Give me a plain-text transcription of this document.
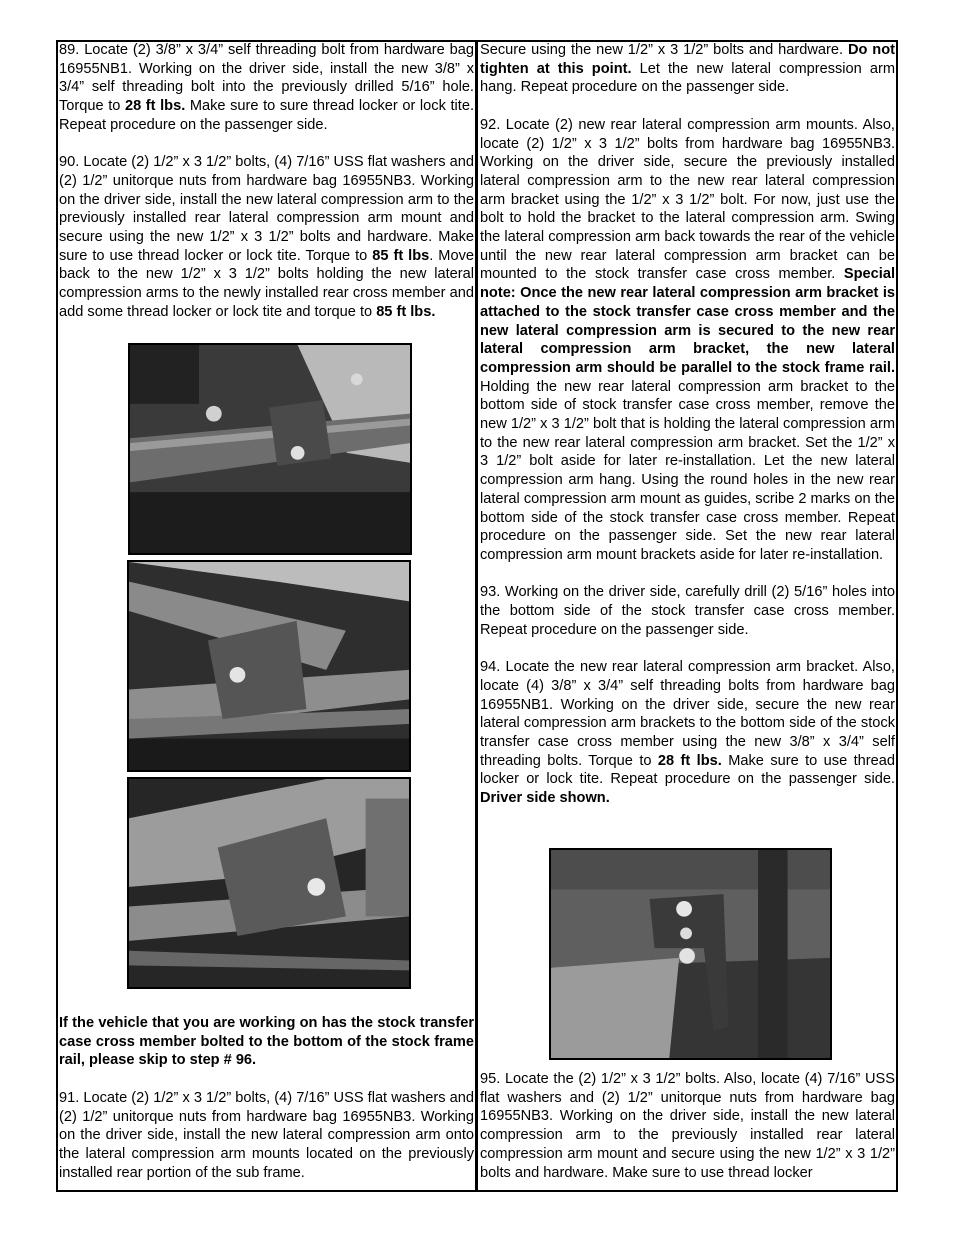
89. Locate (2) 3/8” x 3/4” self threading bolt from hardware bag 16955NB1. Working on the driver side, install the new 3/8” x 3/4” self threading bolt into the previously drilled 5/16” hole. Torque to 28 ft lbs. Make sure to sure thread locker or lock tite. Repeat procedure on the passenger side.

90. Locate (2) 1/2” x 3 1/2” bolts, (4) 7/16” USS flat washers and (2) 1/2” unitorque nuts from hardware bag 16955NB3. Working on the driver side, install the new lateral compression arm to the previously installed rear lateral compression arm mount and secure using the new 1/2” x 3 1/2” bolts and hardware. Make sure to use thread locker or lock tite. Torque to 85 ft lbs. Move back to the new 1/2” x 3 1/2” bolts holding the new lateral compression arms to the newly installed rear cross member and add some thread locker or lock tite and torque to 85 ft lbs.

If the vehicle that you are working on has the stock transfer case cross member bolted to the bottom of the stock frame rail, please skip to step # 96.

91. Locate (2) 1/2” x 3 1/2” bolts, (4) 7/16” USS flat washers and (2) 1/2” unitorque nuts from hardware bag 16955NB3. Working on the driver side, install the new lateral compression arm onto the lateral compression arm mounts located on the previously installed rear portion of the sub frame.

Secure using the new 1/2” x 3 1/2” bolts and hardware. Do not tighten at this point. Let the new lateral compression arm hang. Repeat procedure on the passenger side.

92. Locate (2) new rear lateral compression arm mounts. Also, locate (2) 1/2” x 3 1/2” bolts from hardware bag 16955NB3. Working on the driver side, secure the previously installed lateral compression arm to the new rear lateral compression arm bracket using the 1/2” x 3 1/2” bolt. For now, just use the bolt to hold the bracket to the lateral compression arm. Swing the lateral compression arm back towards the rear of the vehicle until the new rear lateral compression arm bracket can be mounted to the stock transfer case cross member. Special note: Once the new rear lateral compression arm bracket is attached to the stock transfer case cross member and the new lateral compression arm is secured to the new rear lateral compression arm bracket, the new lateral compression arm should be parallel to the stock frame rail. Holding the new rear lateral compression arm bracket to the bottom side of stock transfer case cross member, remove the new 1/2” x 3 1/2” bolt that is holding the lateral compression arm to the new rear lateral compression arm bracket. Set the 1/2” x 3 1/2” bolt aside for later re-installation. Let the new lateral compression arm hang. Using the round holes in the new rear lateral compression arm mount as guides, scribe 2 marks on the bottom side of the stock transfer case cross member. Repeat procedure on the passenger side. Set the new rear lateral compression arm mount brackets aside for later re-installation.

93. Working on the driver side, carefully drill (2) 5/16” holes into the bottom side of the stock transfer case cross member. Repeat procedure on the passenger side.

94. Locate the new rear lateral compression arm bracket. Also, locate (4) 3/8” x 3/4” self threading bolts from hardware bag 16955NB1. Working on the driver side, secure the new rear lateral compression arm brackets to the bottom side of the stock transfer case cross member using the new 3/8” x 3/4” self threading bolts. Torque to 28 ft lbs. Make sure to use thread locker or lock tite. Repeat procedure on the passenger side. Driver side shown.

95. Locate the (2) 1/2” x 3 1/2” bolts. Also, locate (4) 7/16” USS flat washers and (2) 1/2” unitorque nuts from hardware bag 16955NB3. Working on the driver side, install the new lateral compression arm to the previously installed rear lateral compression arm mount and secure using the new 1/2” x 3 1/2” bolts and hardware. Make sure to use thread locker
